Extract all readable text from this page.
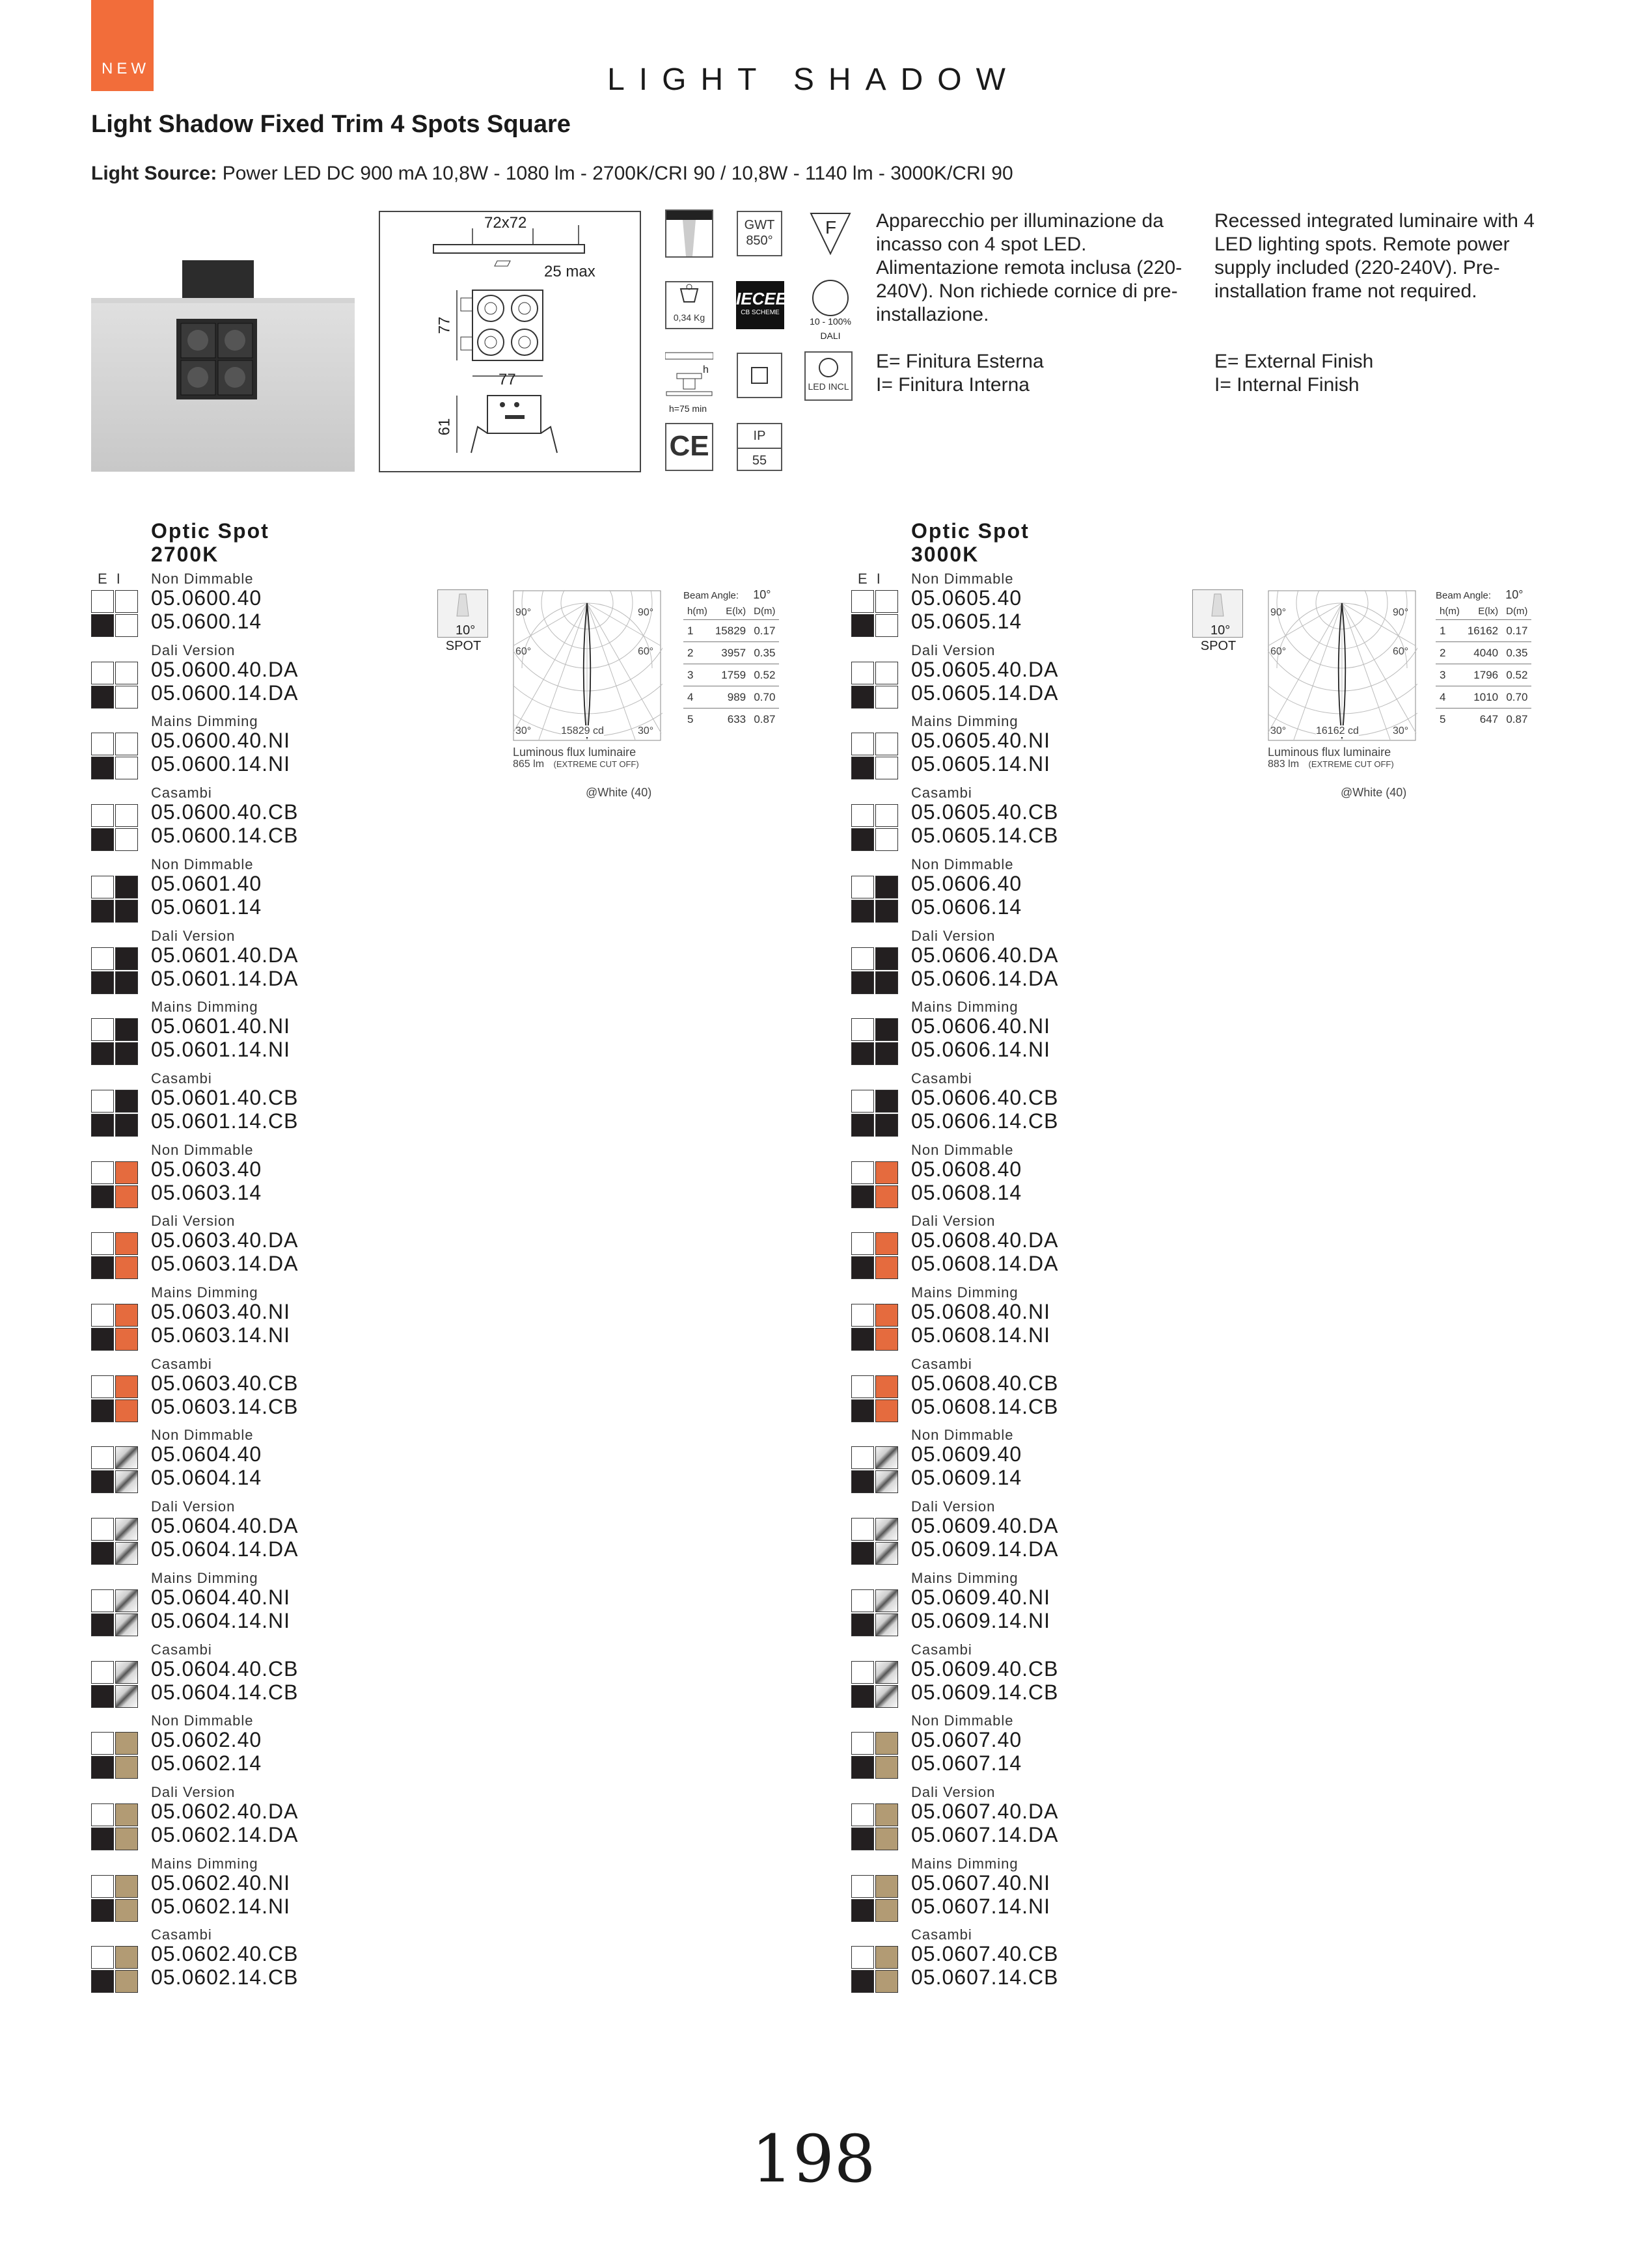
NEW	LIGHT SHADOW
Light Shadow Fixed Trim 4 Spots Square
Light Source: Power LED DC 900 mA 10,8W - 1080 lm - 2700K/CRI 90 / 10,8W - 1140 lm - 3000K/CRI 90
72x72
25 max
77
77
61
GWT
850°
F
0,34 Kg
IECEE
CB SCHEME
10 - 100%
DALI
h
h=75 min
LED INCL
CE	IP
55

Apparecchio per illuminazione da incasso con 4 spot LED. Alimentazione remota inclusa (220-240V). Non richiede cornice di pre-installazione.

E= Finitura Esterna

I= Finitura Interna

Recessed integrated luminaire with 4 LED lighting spots. Remote power supply included (220-240V). Pre-installation frame not required.

E= External Finish

I= Internal Finish

Optic Spot
2700K
E I Non Dimmable
05.0600.40
05.0600.14
Dali Version
05.0600.40.DA
05.0600.14.DA
Mains Dimming
05.0600.40.NI
05.0600.14.NI
Casambi
05.0600.40.CB
05.0600.14.CB
Non Dimmable
05.0601.40
05.0601.14
Dali Version
05.0601.40.DA
05.0601.14.DA
Mains Dimming
05.0601.40.NI
05.0601.14.NI
Casambi
05.0601.40.CB
05.0601.14.CB
Non Dimmable
05.0603.40
05.0603.14
Dali Version
05.0603.40.DA
05.0603.14.DA
Mains Dimming
05.0603.40.NI
05.0603.14.NI
Casambi
05.0603.40.CB
05.0603.14.CB
Non Dimmable
05.0604.40
05.0604.14
Dali Version
05.0604.40.DA
05.0604.14.DA
Mains Dimming
05.0604.40.NI
05.0604.14.NI
Casambi
05.0604.40.CB
05.0604.14.CB
Non Dimmable
05.0602.40
05.0602.14
Dali Version
05.0602.40.DA
05.0602.14.DA
Mains Dimming
05.0602.40.NI
05.0602.14.NI
Casambi
05.0602.40.CB
05.0602.14.CB
10°
SPOT
90°	90°
60°	60°
30°	30°
15829 cd
Luminous flux luminaire
865 lm (EXTREME CUT OFF)
@White (40)
Beam Angle: 10°
h(m)	E(lx)	D(m)
1	15829	0.17
2	3957	0.35
3	1759	0.52
4	989	0.70
5	633	0.87
Optic Spot
3000K
E I Non Dimmable
05.0605.40
05.0605.14
Dali Version
05.0605.40.DA
05.0605.14.DA
Mains Dimming
05.0605.40.NI
05.0605.14.NI
Casambi
05.0605.40.CB
05.0605.14.CB
Non Dimmable
05.0606.40
05.0606.14
Dali Version
05.0606.40.DA
05.0606.14.DA
Mains Dimming
05.0606.40.NI
05.0606.14.NI
Casambi
05.0606.40.CB
05.0606.14.CB
Non Dimmable
05.0608.40
05.0608.14
Dali Version
05.0608.40.DA
05.0608.14.DA
Mains Dimming
05.0608.40.NI
05.0608.14.NI
Casambi
05.0608.40.CB
05.0608.14.CB
Non Dimmable
05.0609.40
05.0609.14
Dali Version
05.0609.40.DA
05.0609.14.DA
Mains Dimming
05.0609.40.NI
05.0609.14.NI
Casambi
05.0609.40.CB
05.0609.14.CB
Non Dimmable
05.0607.40
05.0607.14
Dali Version
05.0607.40.DA
05.0607.14.DA
Mains Dimming
05.0607.40.NI
05.0607.14.NI
Casambi
05.0607.40.CB
05.0607.14.CB
10°
SPOT
90°	90°
60°	60°
30°	30°
16162 cd
Luminous flux luminaire
883 lm (EXTREME CUT OFF)
@White (40)
Beam Angle: 10°
h(m)	E(lx)	D(m)
1	16162	0.17
2	4040	0.35
3	1796	0.52
4	1010	0.70
5	647	0.87
198
